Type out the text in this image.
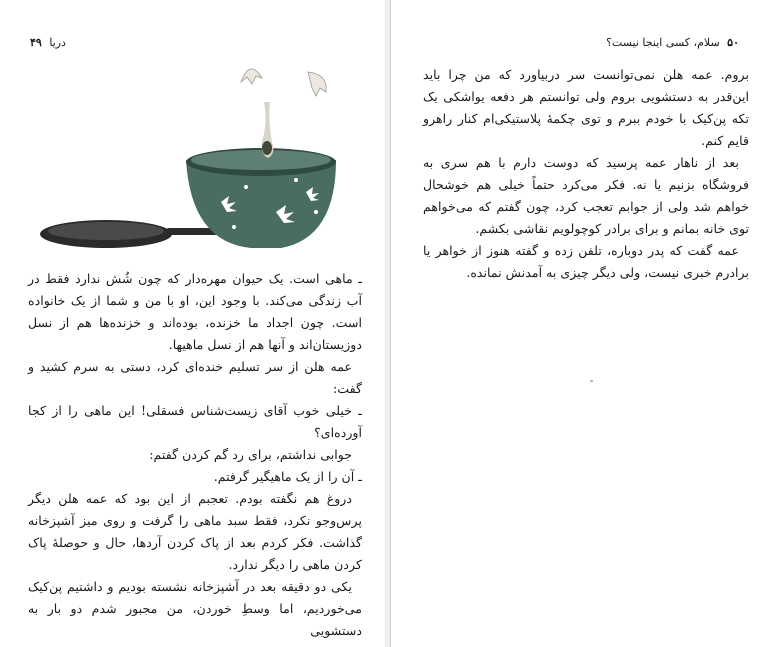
دریا ۴۹

ـ ماهی است. یک حیوان مهره‌دار که چون شُش ندارد فقط در آب زندگی می‌کند. با وجود این، او با من و شما از یک خانواده است. چون اجداد ما خزنده، بوده‌اند و خزنده‌ها هم از نسل دوزیستان‌اند و آنها هم از نسل ماهیها.

عمه هلن از سر تسلیم خنده‌ای کرد، دستی به سرم کشید و گفت:

ـ خیلی خوب آقای زیست‌شناس فسقلی! این ماهی را از کجا آورده‌ای؟

جوابی نداشتم، برای رد گم کردن گفتم:

ـ آن را از یک ماهیگیر گرفتم.

دروغ هم نگفته بودم. تعجبم از این بود که عمه هلن دیگر پرس‌وجو نکرد، فقط سبد ماهی را گرفت و روی میز آشپزخانه گذاشت. فکر کردم بعد از پاک کردن آردها، حال و حوصلهٔ پاک کردن ماهی را دیگر ندارد.

یکی دو دقیقه بعد در آشپزخانه نشسته بودیم و داشتیم پن‌کیک می‌خوردیم، اما وسطِ خوردن، من مجبور شدم دو بار به دستشویی

۵۰ سلام، کسی اینجا نیست؟

بروم. عمه هلن نمی‌توانست سر دربیاورد که من چرا باید این‌قدر به دستشویی بروم ولی توانستم هر دفعه یواشکی یک تکه پن‌کیک با خودم ببرم و توی چکمهٔ پلاستیکی‌ام کنار راهرو قایم کنم.

بعد از ناهار عمه پرسید که دوست دارم با هم سری به فروشگاه بزنیم یا نه. فکر می‌کرد حتماً خیلی هم خوشحال خواهم شد ولی از جوابم تعجب کرد، چون گفتم که می‌خواهم توی خانه بمانم و برای برادر کوچولویم نقاشی بکشم.

عمه گفت که پدر دوباره، تلفن زده و گفته هنوز از خواهر یا برادرم خبری نیست، ولی دیگر چیزی به آمدنش نمانده.
